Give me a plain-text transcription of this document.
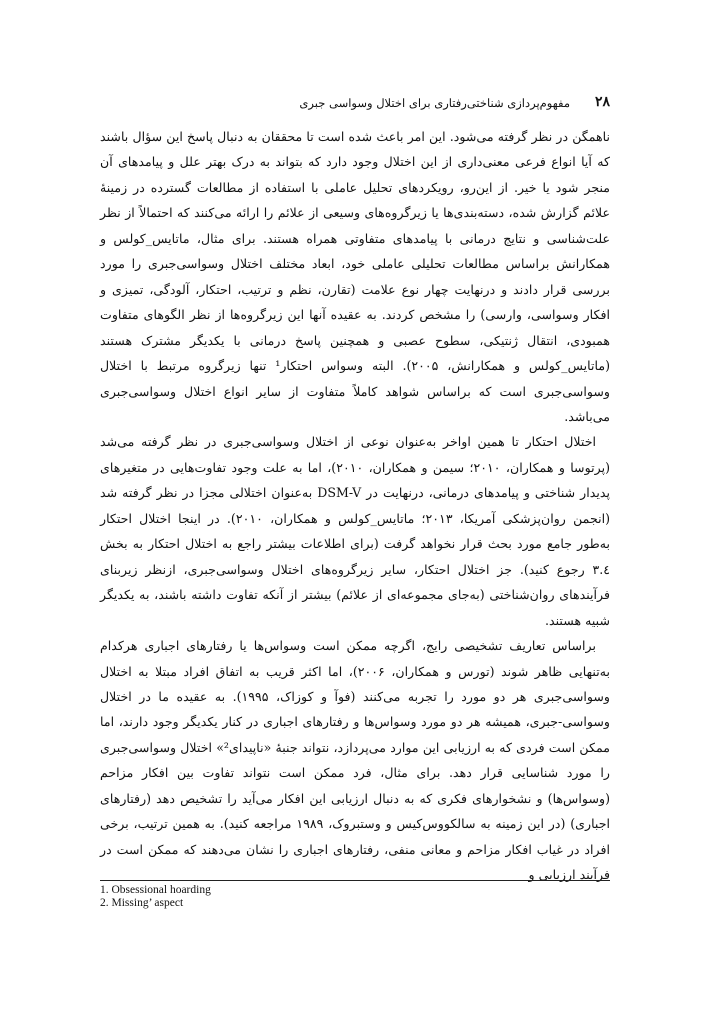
۲۸
مفهوم‌پردازی شناختی‌رفتاری برای اختلال وسواسی جبری

ناهمگن در نظر گرفته می‌شود. این امر باعث شده است تا محققان به دنبال پاسخ این سؤال باشند که آیا انواع فرعی معنی‌داری از این اختلال وجود دارد که بتواند به درک بهتر علل و پیامدهای آن منجر شود یا خیر. از این‌رو، رویکردهای تحلیل عاملی با استفاده از مطالعات گسترده در زمینهٔ علائم گزارش شده، دسته‌بندی‌ها یا زیرگروه‌های وسیعی از علائم را ارائه می‌کنند که احتمالاً از نظر علت‌شناسی و نتایج درمانی با پیامدهای متفاوتی همراه هستند. برای مثال، ماتایس_کولس و همکارانش براساس مطالعات تحلیلی عاملی خود، ابعاد مختلف اختلال وسواسی‌جبری را مورد بررسی قرار دادند و درنهایت چهار نوع علامت (تقارن، نظم و ترتیب، احتکار، آلودگی، تمیزی و افکار وسواسی، وارسی) را مشخص کردند. به عقیده آنها این زیرگروه‌ها از نظر الگوهای متفاوت همبودی، انتقال ژنتیکی، سطوح عصبی و همچنین پاسخ درمانی با یکدیگر مشترک هستند (ماتایس_کولس و همکارانش، ۲۰۰۵). البته وسواس احتکار¹ تنها زیرگروه مرتبط با اختلال وسواسی‌جبری است که براساس شواهد کاملاً متفاوت از سایر انواع اختلال وسواسی‌جبری می‌باشد.

اختلال احتکار تا همین اواخر به‌عنوان نوعی از اختلال وسواسی‌جبری در نظر گرفته می‌شد (پرتوسا و همکاران، ۲۰۱۰؛ سیمن و همکاران، ۲۰۱۰)، اما به علت وجود تفاوت‌هایی در متغیرهای پدیدار شناختی و پیامدهای درمانی، درنهایت در DSM-V به‌عنوان اختلالی مجزا در نظر گرفته شد (انجمن روان‌پزشکی آمریکا، ۲۰۱۳؛ ماتایس_کولس و همکاران، ۲۰۱۰). در اینجا اختلال احتکار به‌طور جامع مورد بحث قرار نخواهد گرفت (برای اطلاعات بیشتر راجع به اختلال احتکار به بخش ۳.٤ رجوع کنید). جز اختلال احتکار، سایر زیرگروه‌های اختلال وسواسی‌جبری، ازنظر زیربنای فرآیندهای روان‌شناختی (به‌جای مجموعه‌ای از علائم) بیشتر از آنکه تفاوت داشته باشند، به یکدیگر شبیه هستند.

براساس تعاریف تشخیصی رایج، اگرچه ممکن است وسواس‌ها یا رفتارهای اجباری هرکدام به‌تنهایی ظاهر شوند (تورس و همکاران، ۲۰۰۶)، اما اکثر قریب به اتفاق افراد مبتلا به اختلال وسواسی‌جبری هر دو مورد را تجربه می‌کنند (فوآ و کوزاک، ۱۹۹۵). به عقیده ما در اختلال وسواسی-جبری، همیشه هر دو مورد وسواس‌ها و رفتارهای اجباری در کنار یکدیگر وجود دارند، اما ممکن است فردی که به ارزیابی این موارد می‌پردازد، نتواند جنبهٔ «ناپیدای²» اختلال وسواسی‌جبری را مورد شناسایی قرار دهد. برای مثال، فرد ممکن است نتواند تفاوت بین افکار مزاحم (وسواس‌ها) و نشخوارهای فکری که به دنبال ارزیابی این افکار می‌آید را تشخیص دهد (رفتارهای اجباری) (در این زمینه به سالکووس‌کیس و وستبروک، ۱۹۸۹ مراجعه کنید). به همین ترتیب، برخی افراد در غیاب افکار مزاحم و معانی منفی، رفتارهای اجباری را نشان می‌دهند که ممکن است در فرآیند ارزیابی و

1. Obsessional hoarding

2. Missing’ aspect
